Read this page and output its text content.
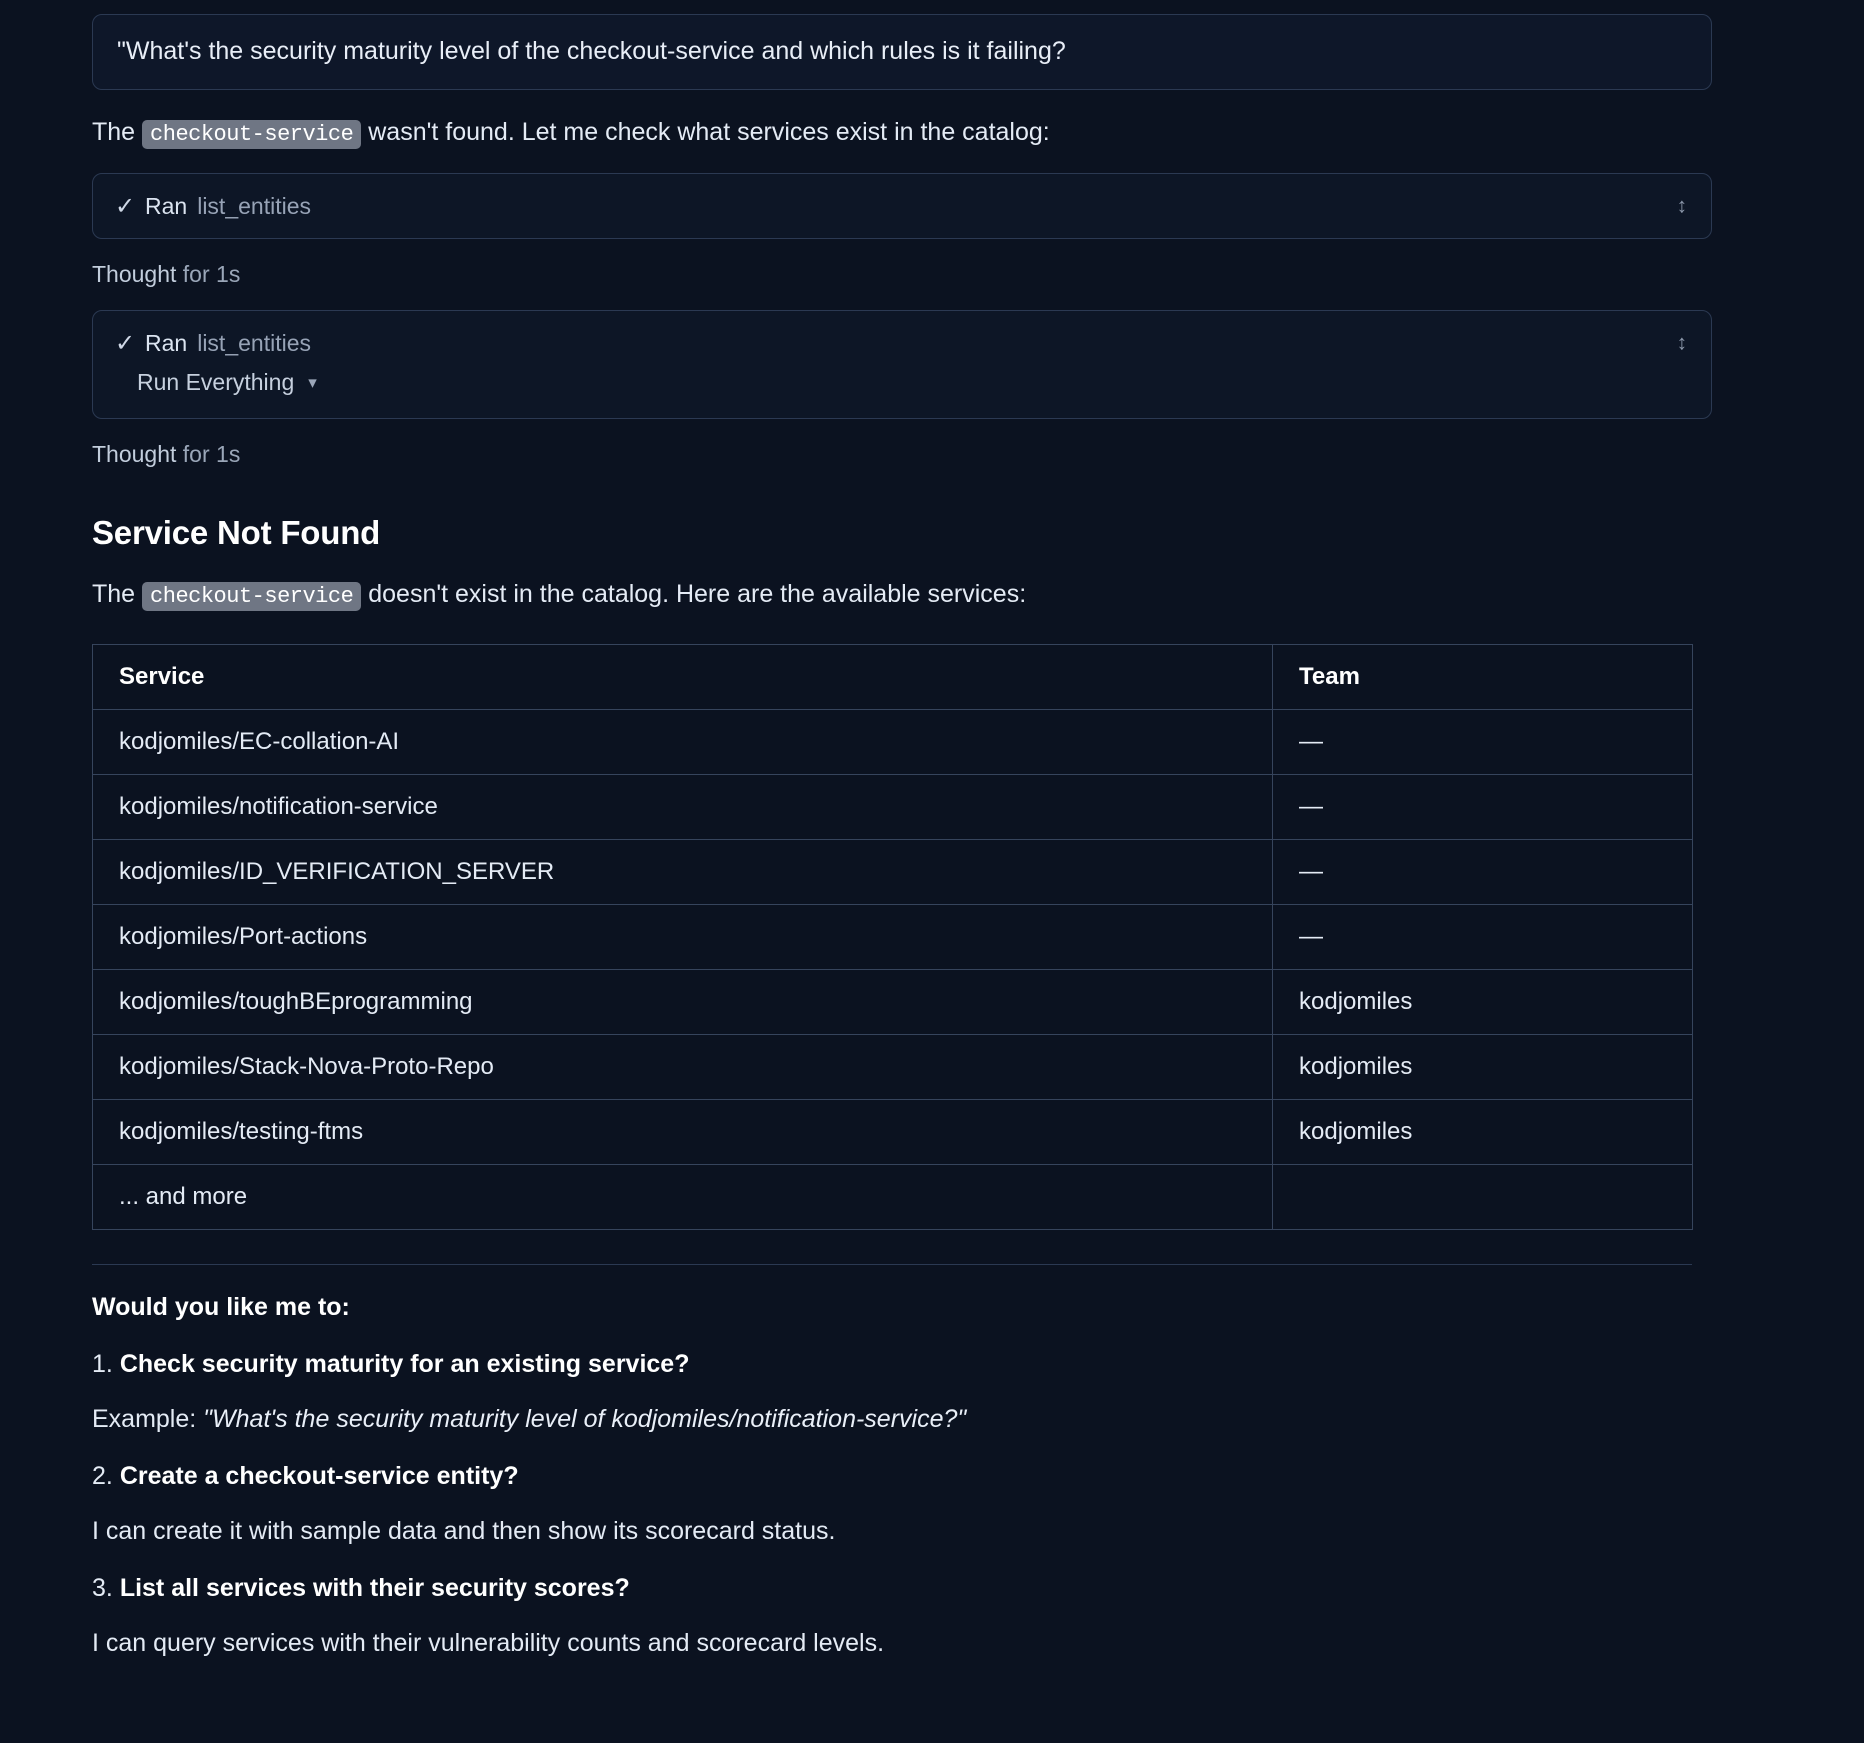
"What's the security maturity level of the checkout-service and which rules is it failing?

The checkout-service wasn't found. Let me check what services exist in the catalog:

✓ Ran list_entities	↕
Thought for 1s
✓ Ran list_entities	↕
Run Everything ▾
Thought for 1s
Service Not Found

The checkout-service doesn't exist in the catalog. Here are the available services:

Service	Team
kodjomiles/EC-collation-AI	—
kodjomiles/notification-service	—
kodjomiles/ID_VERIFICATION_SERVER	—
kodjomiles/Port-actions	—
kodjomiles/toughBEprogramming	kodjomiles
kodjomiles/Stack-Nova-Proto-Repo	kodjomiles
kodjomiles/testing-ftms	kodjomiles
... and more	

Would you like me to:

1. Check security maturity for an existing service?

Example: "What's the security maturity level of kodjomiles/notification-service?"

2. Create a checkout-service entity?

I can create it with sample data and then show its scorecard status.

3. List all services with their security scores?

I can query services with their vulnerability counts and scorecard levels.
